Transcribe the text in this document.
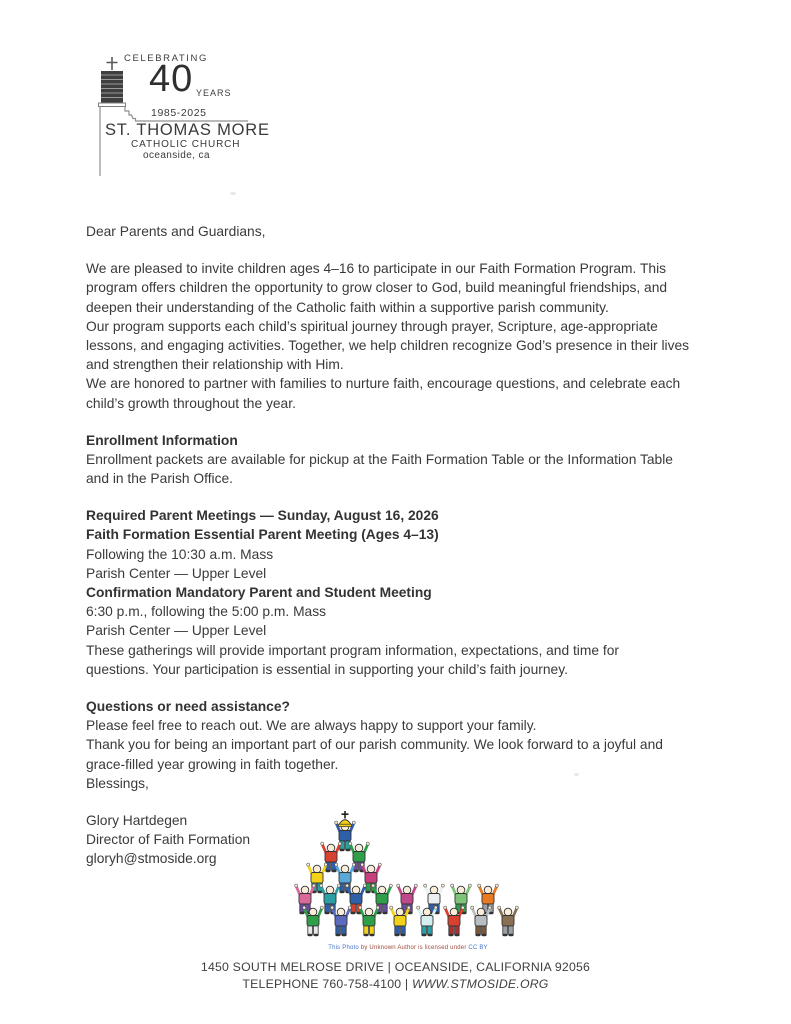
CELEBRATING
40 YEARS
1985-2025
ST. THOMAS MORE
CATHOLIC CHURCH
oceanside, ca
Dear Parents and Guardians,
We are pleased to invite children ages 4–16 to participate in our Faith Formation Program. This
program offers children the opportunity to grow closer to God, build meaningful friendships, and
deepen their understanding of the Catholic faith within a supportive parish community.
Our program supports each child’s spiritual journey through prayer, Scripture, age-appropriate
lessons, and engaging activities. Together, we help children recognize God’s presence in their lives
and strengthen their relationship with Him.
We are honored to partner with families to nurture faith, encourage questions, and celebrate each
child’s growth throughout the year.
Enrollment Information
Enrollment packets are available for pickup at the Faith Formation Table or the Information Table
and in the Parish Office.
Required Parent Meetings — Sunday, August 16, 2026
Faith Formation Essential Parent Meeting (Ages 4–13)
Following the 10:30 a.m. Mass
Parish Center — Upper Level
Confirmation Mandatory Parent and Student Meeting
6:30 p.m., following the 5:00 p.m. Mass
Parish Center — Upper Level
These gatherings will provide important program information, expectations, and time for
questions. Your participation is essential in supporting your child’s faith journey.
Questions or need assistance?
Please feel free to reach out. We are always happy to support your family.
Thank you for being an important part of our parish community. We look forward to a joyful and
grace-filled year growing in faith together.
Blessings,
Glory Hartdegen
Director of Faith Formation
gloryh@stmoside.org
This Photo by Unknown Author is licensed under CC BY
1450 SOUTH MELROSE DRIVE | OCEANSIDE, CALIFORNIA 92056
TELEPHONE 760-758-4100 | WWW.STMOSIDE.ORG
